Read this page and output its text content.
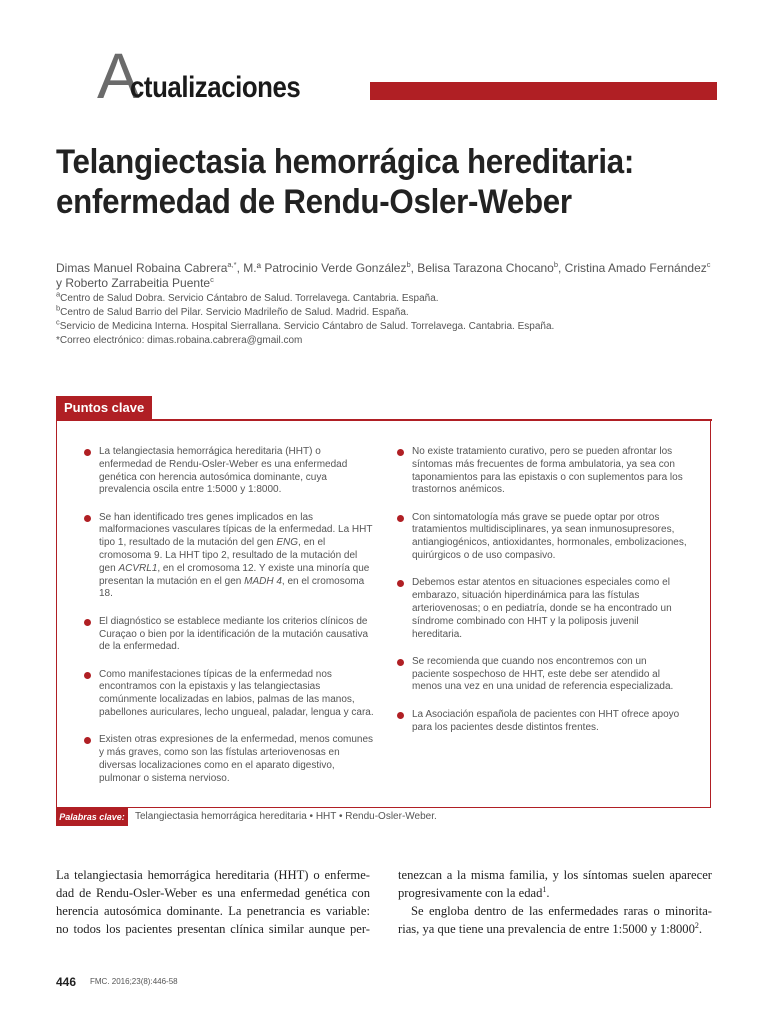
A
ctualizaciones
Telangiectasia hemorrágica hereditaria:
enfermedad de Rendu-Osler-Weber
Dimas Manuel Robaina Cabrera$^{a,*}$, M.ª Patrocinio Verde González$^b$, Belisa Tarazona Chocano$^b$, Cristina Amado Fernández$^c$ y Roberto Zarrabeitia Puente$^c$
$^a$Centro de Salud Dobra. Servicio Cántabro de Salud. Torrelavega. Cantabria. España.
$^b$Centro de Salud Barrio del Pilar. Servicio Madrileño de Salud. Madrid. España.
$^c$Servicio de Medicina Interna. Hospital Sierrallana. Servicio Cántabro de Salud. Torrelavega. Cantabria. España.
*Correo electrónico: dimas.robaina.cabrera@gmail.com
Puntos clave
La telangiectasia hemorrágica hereditaria (HHT) o enfermedad de Rendu-Osler-Weber es una enfermedad genética con herencia autosómica dominante, cuya prevalencia oscila entre 1:5000 y 1:8000.
Se han identificado tres genes implicados en las malformaciones vasculares típicas de la enfermedad. La HHT tipo 1, resultado de la mutación del gen ENG, en el cromosoma 9. La HHT tipo 2, resultado de la mutación del gen ACVRL1, en el cromosoma 12. Y existe una minoría que presentan la mutación en el gen MADH 4, en el cromosoma 18.
El diagnóstico se establece mediante los criterios clínicos de Curaçao o bien por la identificación de la mutación causativa de la enfermedad.
Como manifestaciones típicas de la enfermedad nos encontramos con la epistaxis y las telangiectasias comúnmente localizadas en labios, palmas de las manos, pabellones auriculares, lecho ungueal, paladar, lengua y cara.
Existen otras expresiones de la enfermedad, menos comunes y más graves, como son las fístulas arteriovenosas en diversas localizaciones como en el aparato digestivo, pulmonar o sistema nervioso.
No existe tratamiento curativo, pero se pueden afrontar los síntomas más frecuentes de forma ambulatoria, ya sea con taponamientos para las epistaxis o con suplementos para los trastornos anémicos.
Con sintomatología más grave se puede optar por otros tratamientos multidisciplinares, ya sean inmunosupresores, antiangiogénicos, antioxidantes, hormonales, embolizaciones, quirúrgicos o de uso compasivo.
Debemos estar atentos en situaciones especiales como el embarazo, situación hiperdinámica para las fístulas arteriovenosas; o en pediatría, donde se ha encontrado un síndrome combinado con HHT y la poliposis juvenil hereditaria.
Se recomienda que cuando nos encontremos con un paciente sospechoso de HHT, este debe ser atendido al menos una vez en una unidad de referencia especializada.
La Asociación española de pacientes con HHT ofrece apoyo para los pacientes desde distintos frentes.
Palabras clave:	Telangiectasia hemorrágica hereditaria • HHT • Rendu-Osler-Weber.
La telangiectasia hemorrágica hereditaria (HHT) o enferme-
dad de Rendu-Osler-Weber es una enfermedad genética con
herencia autosómica dominante. La penetrancia es variable:
no todos los pacientes presentan clínica similar aunque per-
tenezcan a la misma familia, y los síntomas suelen aparecer
progresivamente con la edad$^1$.
Se engloba dentro de las enfermedades raras o minorita-
rias, ya que tiene una prevalencia de entre 1:5000 y 1:8000$^2$.
446 FMC. 2016;23(8):446-58
